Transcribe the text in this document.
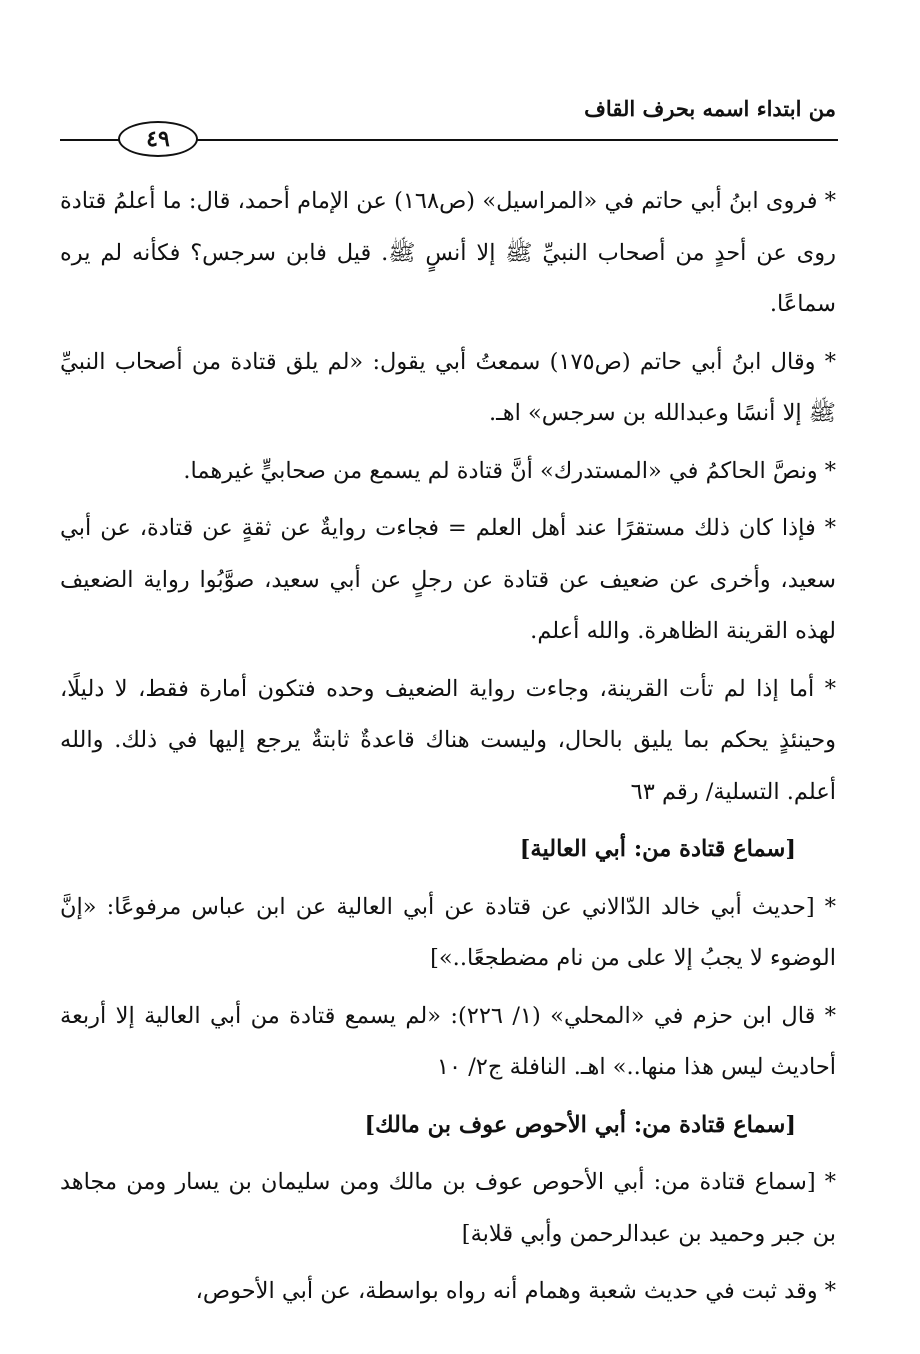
من ابتداء اسمه بحرف القاف
٤٩

* فروى ابنُ أبي حاتم في «المراسيل» (ص١٦٨) عن الإمام أحمد، قال: ما أعلمُ قتادة روى عن أحدٍ من أصحاب النبيِّ ﷺ إلا أنسٍ ﷺ. قيل فابن سرجس؟ فكأنه لم يره سماعًا.

* وقال ابنُ أبي حاتم (ص١٧٥) سمعتُ أبي يقول: «لم يلق قتادة من أصحاب النبيِّ ﷺ إلا أنسًا وعبدالله بن سرجس» اهـ.

* ونصَّ الحاكمُ في «المستدرك» أنَّ قتادة لم يسمع من صحابيٍّ غيرهما.

* فإذا كان ذلك مستقرًا عند أهل العلم = فجاءت روايةٌ عن ثقةٍ عن قتادة، عن أبي سعيد، وأخرى عن ضعيف عن قتادة عن رجلٍ عن أبي سعيد، صوَّبُوا رواية الضعيف لهذه القرينة الظاهرة. والله أعلم.

* أما إذا لم تأت القرينة، وجاءت رواية الضعيف وحده فتكون أمارة فقط، لا دليلًا، وحينئذٍ يحكم بما يليق بالحال، وليست هناك قاعدةٌ ثابتةٌ يرجع إليها في ذلك. والله أعلم. التسلية/ رقم ٦٣

[سماع قتادة من: أبي العالية]

* [حديث أبي خالد الدّالاني عن قتادة عن أبي العالية عن ابن عباس مرفوعًا: «إنَّ الوضوء لا يجبُ إلا على من نام مضطجعًا..»]

* قال ابن حزم في «المحلي» (١/ ٢٢٦): «لم يسمع قتادة من أبي العالية إلا أربعة أحاديث ليس هذا منها..» اهـ. النافلة ج٢/ ١٠

[سماع قتادة من: أبي الأحوص عوف بن مالك]

* [سماع قتادة من: أبي الأحوص عوف بن مالك ومن سليمان بن يسار ومن مجاهد بن جبر وحميد بن عبدالرحمن وأبي قلابة]

* وقد ثبت في حديث شعبة وهمام أنه رواه بواسطة، عن أبي الأحوص،
